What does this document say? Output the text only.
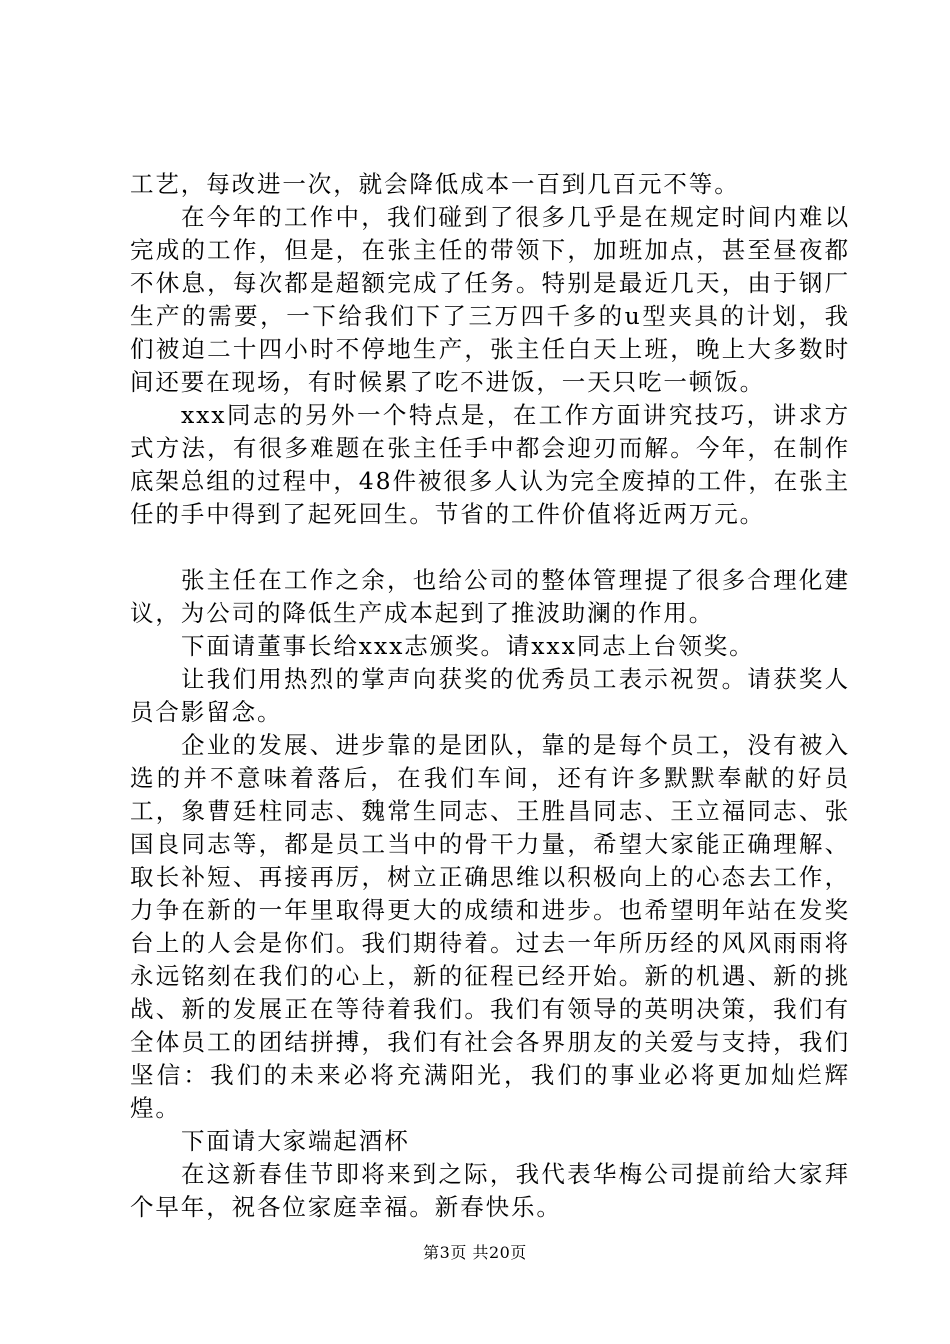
工艺，每改进一次，就会降低成本一百到几百元不等。

在今年的工作中，我们碰到了很多几乎是在规定时间内难以完成的工作，但是，在张主任的带领下，加班加点，甚至昼夜都不休息，每次都是超额完成了任务。特别是最近几天，由于钢厂生产的需要，一下给我们下了三万四千多的u型夹具的计划，我们被迫二十四小时不停地生产，张主任白天上班，晚上大多数时间还要在现场，有时候累了吃不进饭，一天只吃一顿饭。

xxx同志的另外一个特点是，在工作方面讲究技巧，讲求方式方法，有很多难题在张主任手中都会迎刃而解。今年，在制作底架总组的过程中，48件被很多人认为完全废掉的工件，在张主任的手中得到了起死回生。节省的工件价值将近两万元。

张主任在工作之余，也给公司的整体管理提了很多合理化建议，为公司的降低生产成本起到了推波助澜的作用。

下面请董事长给xxx志颁奖。请xxx同志上台领奖。

让我们用热烈的掌声向获奖的优秀员工表示祝贺。请获奖人员合影留念。

企业的发展、进步靠的是团队，靠的是每个员工，没有被入选的并不意味着落后，在我们车间，还有许多默默奉献的好员工，象曹廷柱同志、魏常生同志、王胜昌同志、王立福同志、张国良同志等，都是员工当中的骨干力量，希望大家能正确理解、取长补短、再接再厉，树立正确思维以积极向上的心态去工作，力争在新的一年里取得更大的成绩和进步。也希望明年站在发奖台上的人会是你们。我们期待着。过去一年所历经的风风雨雨将永远铭刻在我们的心上，新的征程已经开始。新的机遇、新的挑战、新的发展正在等待着我们。我们有领导的英明决策，我们有全体员工的团结拼搏，我们有社会各界朋友的关爱与支持，我们坚信：我们的未来必将充满阳光，我们的事业必将更加灿烂辉煌。

下面请大家端起酒杯

在这新春佳节即将来到之际，我代表华梅公司提前给大家拜个早年，祝各位家庭幸福。新春快乐。

第3页 共20页
